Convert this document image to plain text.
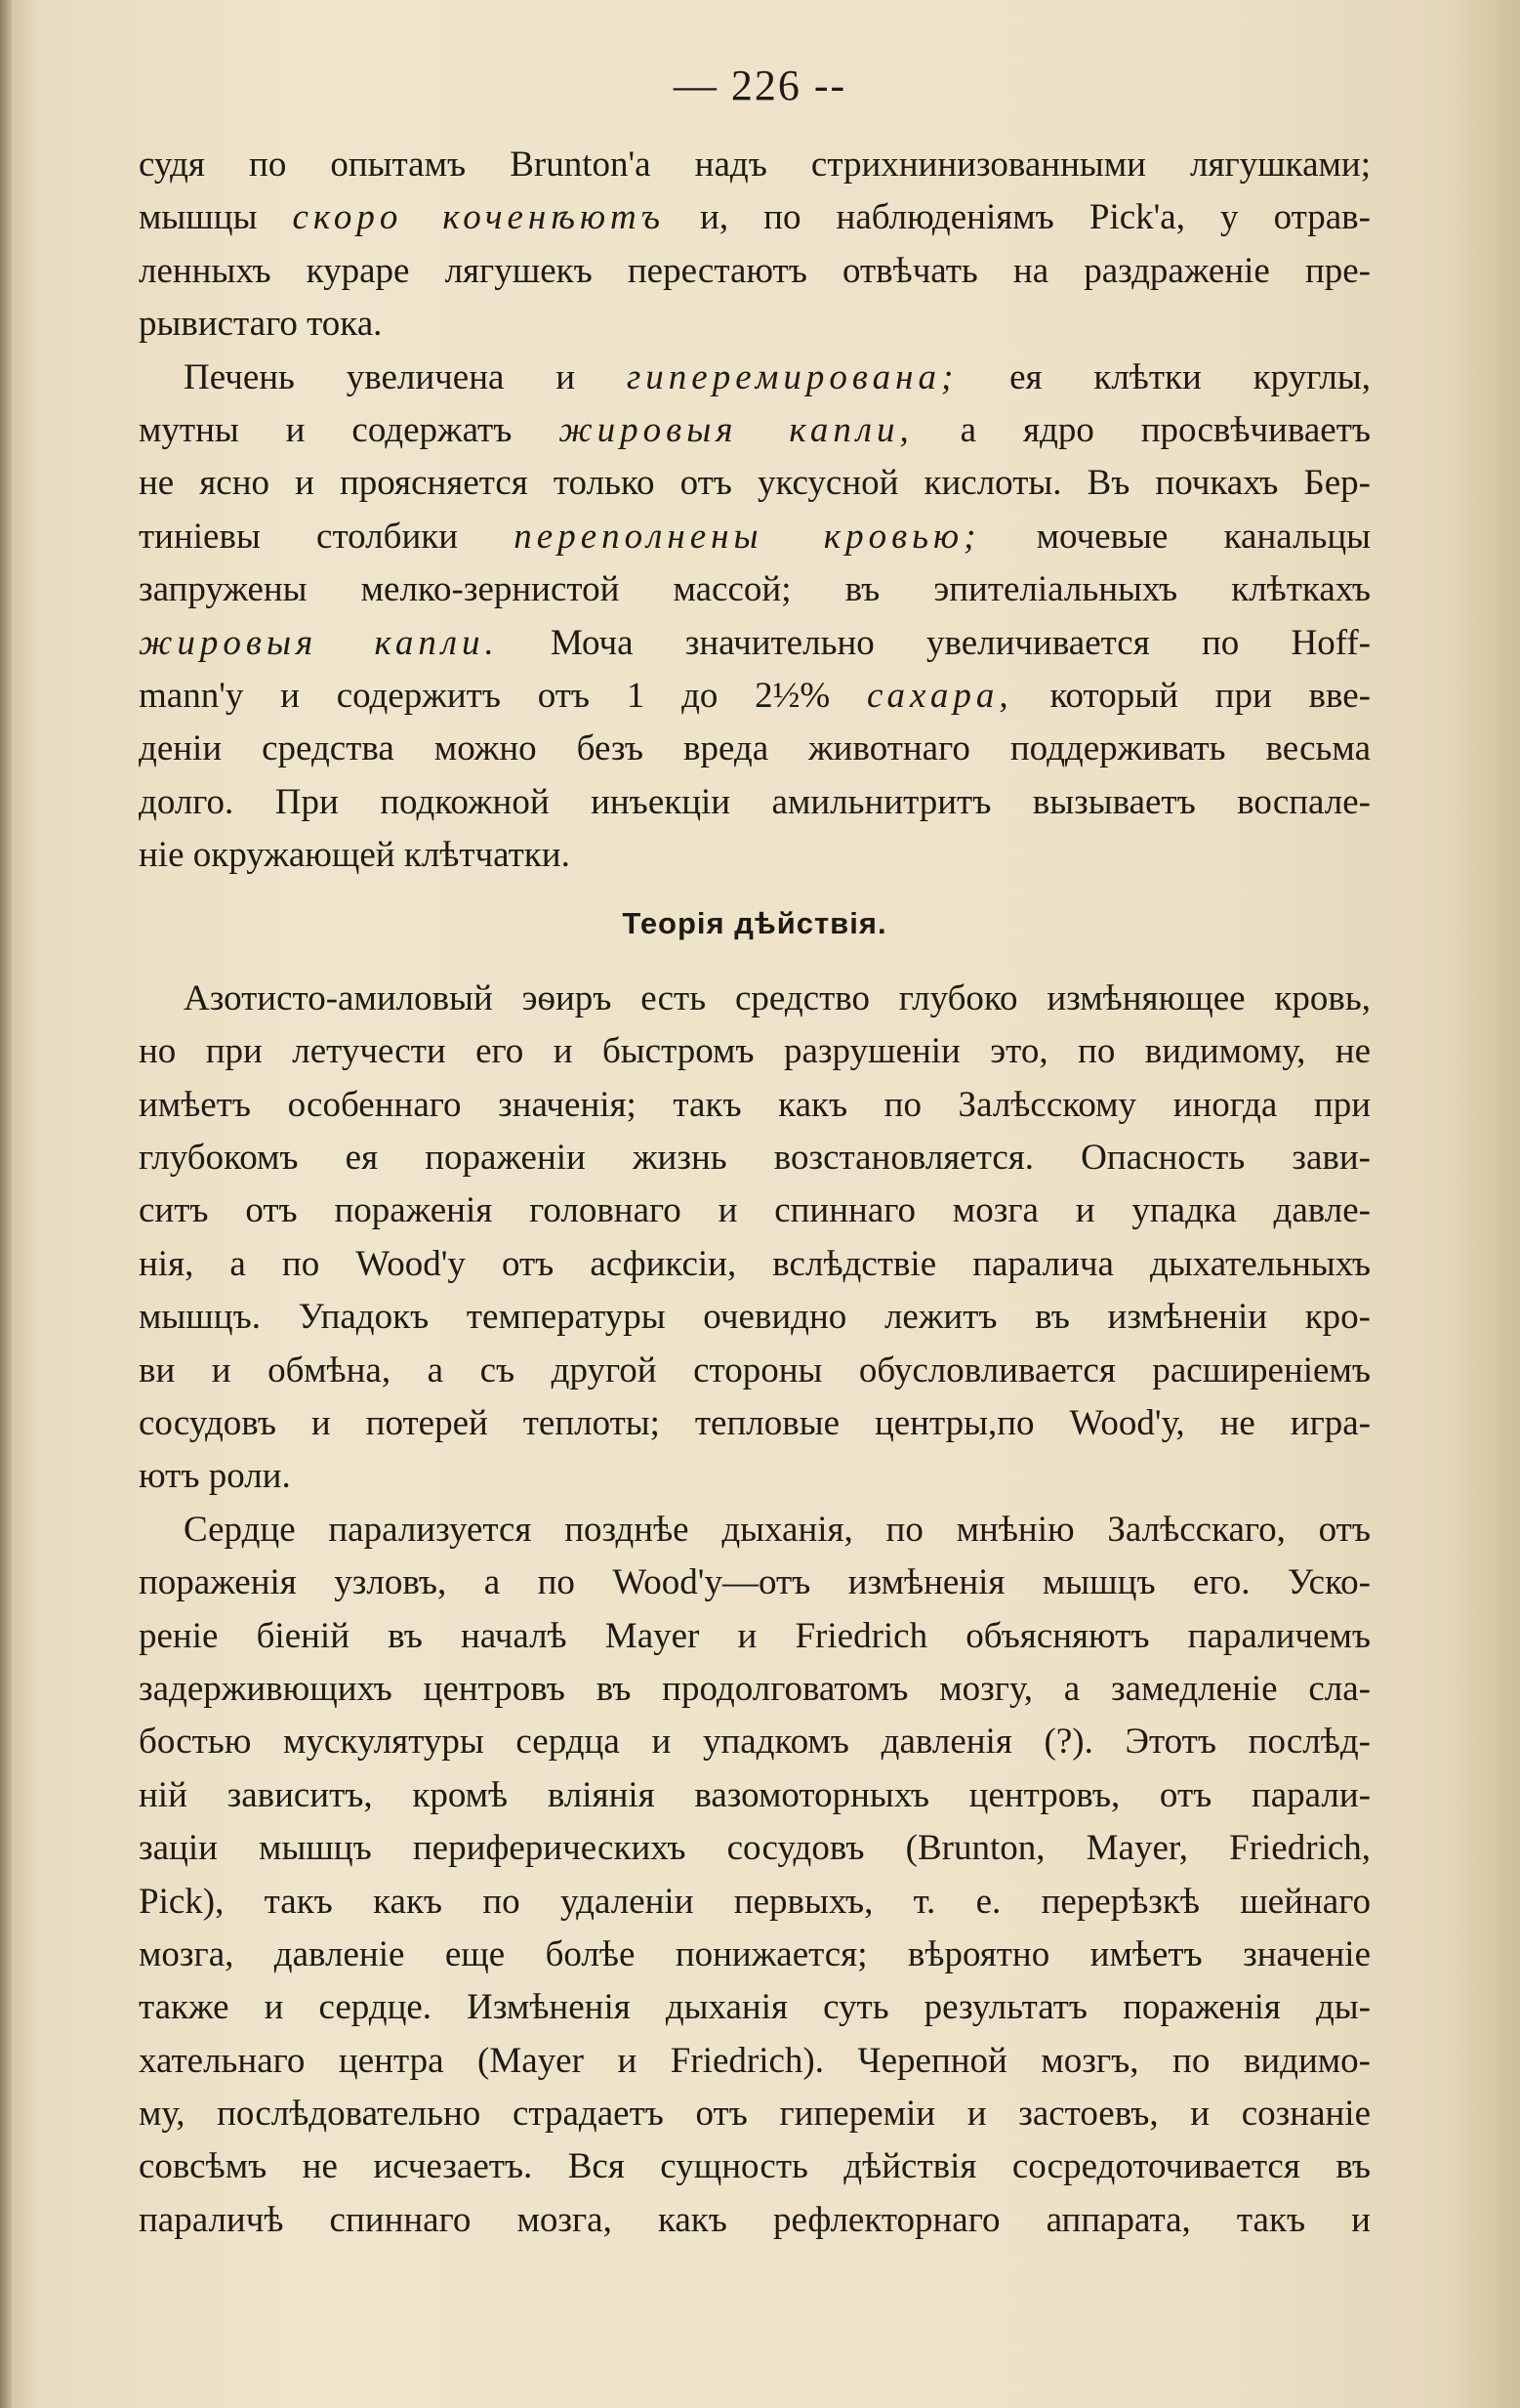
— 226 --
судя по опытамъ Brunton'a надъ стрихнинизованными лягушками;
мышцы скоро коченѣютъ и, по наблюденiямъ Pick'a, у отрав-
ленныхъ кураре лягушекъ перестаютъ отвѣчать на раздраженiе пре-
рывистаго тока.
Печень увеличена и гиперемирована; ея клѣтки круглы,
мутны и содержатъ жировыя капли, а ядро просвѣчиваетъ
не ясно и проясняется только отъ уксусной кислоты. Въ почкахъ Бер-
тиніевы столбики переполнены кровью; мочевые канальцы
запружены мелко-зернистой массой; въ эпителiальныхъ клѣткахъ
жировыя капли. Моча значительно увеличивается по Hoff-
mann'у и содержитъ отъ 1 до 2½% сахара, который при вве-
денiи средства можно безъ вреда животнаго поддерживать весьма
долго. При подкожной инъекцiи амильнитритъ вызываетъ воспале-
нiе окружающей клѣтчатки.
Теорiя дѣйствiя.
Азотисто-амиловый эѳиръ есть средство глубоко измѣняющее кровь,
но при летучести его и быстромъ разрушенiи это, по видимому, не
имѣетъ особеннаго значенiя; такъ какъ по Залѣсскому иногда при
глубокомъ ея пораженiи жизнь возстановляется. Опасность зави-
ситъ отъ пораженiя головнаго и спиннаго мозга и упадка давле-
нiя, а по Wood'у отъ асфиксiи, вслѣдствiе паралича дыхательныхъ
мышцъ. Упадокъ температуры очевидно лежитъ въ измѣненiи кро-
ви и обмѣна, а съ другой стороны обусловливается расширенiемъ
сосудовъ и потерей теплоты; тепловые центры,по Wood'у, не игра-
ютъ роли.
Сердце парализуется позднѣе дыханiя, по мнѣнiю Залѣсскаго, отъ
пораженiя узловъ, а по Wood'у—отъ измѣненiя мышцъ его. Уско-
ренiе бiенiй въ началѣ Mayer и Friedrich объясняютъ параличемъ
задерживющихъ центровъ въ продолговатомъ мозгу, а замедленiе сла-
бостью мускулятуры сердца и упадкомъ давленiя (?). Этотъ послѣд-
нiй зависитъ, кромѣ влiянiя вазомоторныхъ центровъ, отъ парали-
зацiи мышцъ периферическихъ сосудовъ (Brunton, Mayer, Friedrich,
Pick), такъ какъ по удаленiи первыхъ, т. е. перерѣзкѣ шейнаго
мозга, давленiе еще болѣе понижается; вѣроятно имѣетъ значенiе
также и сердце. Измѣненiя дыханiя суть результатъ пораженiя ды-
хательнаго центра (Mayer и Friedrich). Черепной мозгъ, по видимо-
му, послѣдовательно страдаетъ отъ гиперемiи и застоевъ, и сознанiе
совсѣмъ не исчезаетъ. Вся сущность дѣйствiя сосредоточивается въ
параличѣ спиннаго мозга, какъ рефлекторнаго аппарата, такъ и
